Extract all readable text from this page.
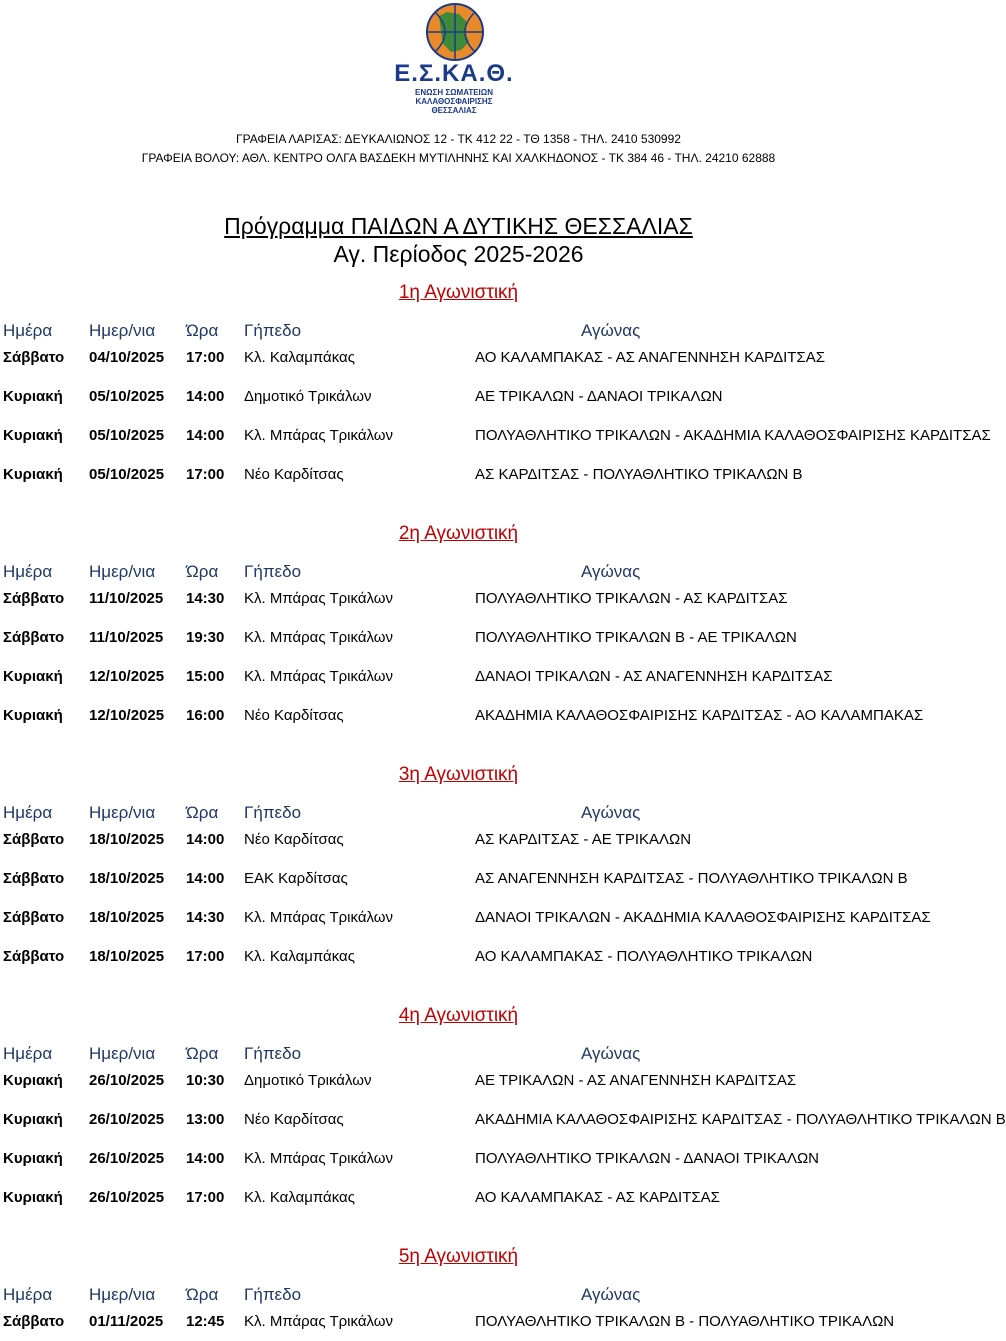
Ε.Σ.ΚΑ.Θ.
ΕΝΩΣΗ ΣΩΜΑΤΕΙΩΝ
ΚΑΛΑΘΟΣΦΑΙΡΙΣΗΣ
ΘΕΣΣΑΛΙΑΣ
ΓΡΑΦΕΙΑ ΛΑΡΙΣΑΣ: ΔΕΥΚΑΛΙΩΝΟΣ 12 - ΤΚ 412 22 - ΤΘ 1358 - ΤΗΛ. 2410 530992
ΓΡΑΦΕΙΑ ΒΟΛΟΥ: ΑΘΛ. ΚΕΝΤΡΟ ΟΛΓΑ ΒΑΣΔΕΚΗ ΜΥΤΙΛΗΝΗΣ ΚΑΙ ΧΑΛΚΗΔΟΝΟΣ - ΤΚ 384 46 - ΤΗΛ. 24210 62888
Πρόγραμμα ΠΑΙΔΩΝ Α ΔΥΤΙΚΗΣ ΘΕΣΣΑΛΙΑΣ
Αγ. Περίοδος 2025-2026
1η Αγωνιστική
Ημέρα Ημερ/νια Ώρα Γήπεδο	Αγώνας
Σάββατο 04/10/2025 17:00 Κλ. Καλαμπάκας	ΑΟ ΚΑΛΑΜΠΑΚΑΣ - ΑΣ ΑΝΑΓΕΝΝΗΣΗ ΚΑΡΔΙΤΣΑΣ
Κυριακή 05/10/2025 14:00 Δημοτικό Τρικάλων	ΑΕ ΤΡΙΚΑΛΩΝ - ΔΑΝΑΟΙ ΤΡΙΚΑΛΩΝ
Κυριακή 05/10/2025 14:00 Κλ. Μπάρας Τρικάλων	ΠΟΛΥΑΘΛΗΤΙΚΟ ΤΡΙΚΑΛΩΝ - ΑΚΑΔΗΜΙΑ ΚΑΛΑΘΟΣΦΑΙΡΙΣΗΣ ΚΑΡΔΙΤΣΑΣ
Κυριακή 05/10/2025 17:00 Νέο Καρδίτσας	ΑΣ ΚΑΡΔΙΤΣΑΣ - ΠΟΛΥΑΘΛΗΤΙΚΟ ΤΡΙΚΑΛΩΝ Β
2η Αγωνιστική
Ημέρα Ημερ/νια Ώρα Γήπεδο	Αγώνας
Σάββατο 11/10/2025 14:30 Κλ. Μπάρας Τρικάλων	ΠΟΛΥΑΘΛΗΤΙΚΟ ΤΡΙΚΑΛΩΝ - ΑΣ ΚΑΡΔΙΤΣΑΣ
Σάββατο 11/10/2025 19:30 Κλ. Μπάρας Τρικάλων	ΠΟΛΥΑΘΛΗΤΙΚΟ ΤΡΙΚΑΛΩΝ Β - ΑΕ ΤΡΙΚΑΛΩΝ
Κυριακή 12/10/2025 15:00 Κλ. Μπάρας Τρικάλων	ΔΑΝΑΟΙ ΤΡΙΚΑΛΩΝ - ΑΣ ΑΝΑΓΕΝΝΗΣΗ ΚΑΡΔΙΤΣΑΣ
Κυριακή 12/10/2025 16:00 Νέο Καρδίτσας	ΑΚΑΔΗΜΙΑ ΚΑΛΑΘΟΣΦΑΙΡΙΣΗΣ ΚΑΡΔΙΤΣΑΣ - ΑΟ ΚΑΛΑΜΠΑΚΑΣ
3η Αγωνιστική
Ημέρα Ημερ/νια Ώρα Γήπεδο	Αγώνας
Σάββατο 18/10/2025 14:00 Νέο Καρδίτσας	ΑΣ ΚΑΡΔΙΤΣΑΣ - ΑΕ ΤΡΙΚΑΛΩΝ
Σάββατο 18/10/2025 14:00 ΕΑΚ Καρδίτσας	ΑΣ ΑΝΑΓΕΝΝΗΣΗ ΚΑΡΔΙΤΣΑΣ - ΠΟΛΥΑΘΛΗΤΙΚΟ ΤΡΙΚΑΛΩΝ Β
Σάββατο 18/10/2025 14:30 Κλ. Μπάρας Τρικάλων	ΔΑΝΑΟΙ ΤΡΙΚΑΛΩΝ - ΑΚΑΔΗΜΙΑ ΚΑΛΑΘΟΣΦΑΙΡΙΣΗΣ ΚΑΡΔΙΤΣΑΣ
Σάββατο 18/10/2025 17:00 Κλ. Καλαμπάκας	ΑΟ ΚΑΛΑΜΠΑΚΑΣ - ΠΟΛΥΑΘΛΗΤΙΚΟ ΤΡΙΚΑΛΩΝ
4η Αγωνιστική
Ημέρα Ημερ/νια Ώρα Γήπεδο	Αγώνας
Κυριακή 26/10/2025 10:30 Δημοτικό Τρικάλων	ΑΕ ΤΡΙΚΑΛΩΝ - ΑΣ ΑΝΑΓΕΝΝΗΣΗ ΚΑΡΔΙΤΣΑΣ
Κυριακή 26/10/2025 13:00 Νέο Καρδίτσας	ΑΚΑΔΗΜΙΑ ΚΑΛΑΘΟΣΦΑΙΡΙΣΗΣ ΚΑΡΔΙΤΣΑΣ - ΠΟΛΥΑΘΛΗΤΙΚΟ ΤΡΙΚΑΛΩΝ Β
Κυριακή 26/10/2025 14:00 Κλ. Μπάρας Τρικάλων	ΠΟΛΥΑΘΛΗΤΙΚΟ ΤΡΙΚΑΛΩΝ - ΔΑΝΑΟΙ ΤΡΙΚΑΛΩΝ
Κυριακή 26/10/2025 17:00 Κλ. Καλαμπάκας	ΑΟ ΚΑΛΑΜΠΑΚΑΣ - ΑΣ ΚΑΡΔΙΤΣΑΣ
5η Αγωνιστική
Ημέρα Ημερ/νια Ώρα Γήπεδο	Αγώνας
Σάββατο 01/11/2025 12:45 Κλ. Μπάρας Τρικάλων	ΠΟΛΥΑΘΛΗΤΙΚΟ ΤΡΙΚΑΛΩΝ Β - ΠΟΛΥΑΘΛΗΤΙΚΟ ΤΡΙΚΑΛΩΝ
